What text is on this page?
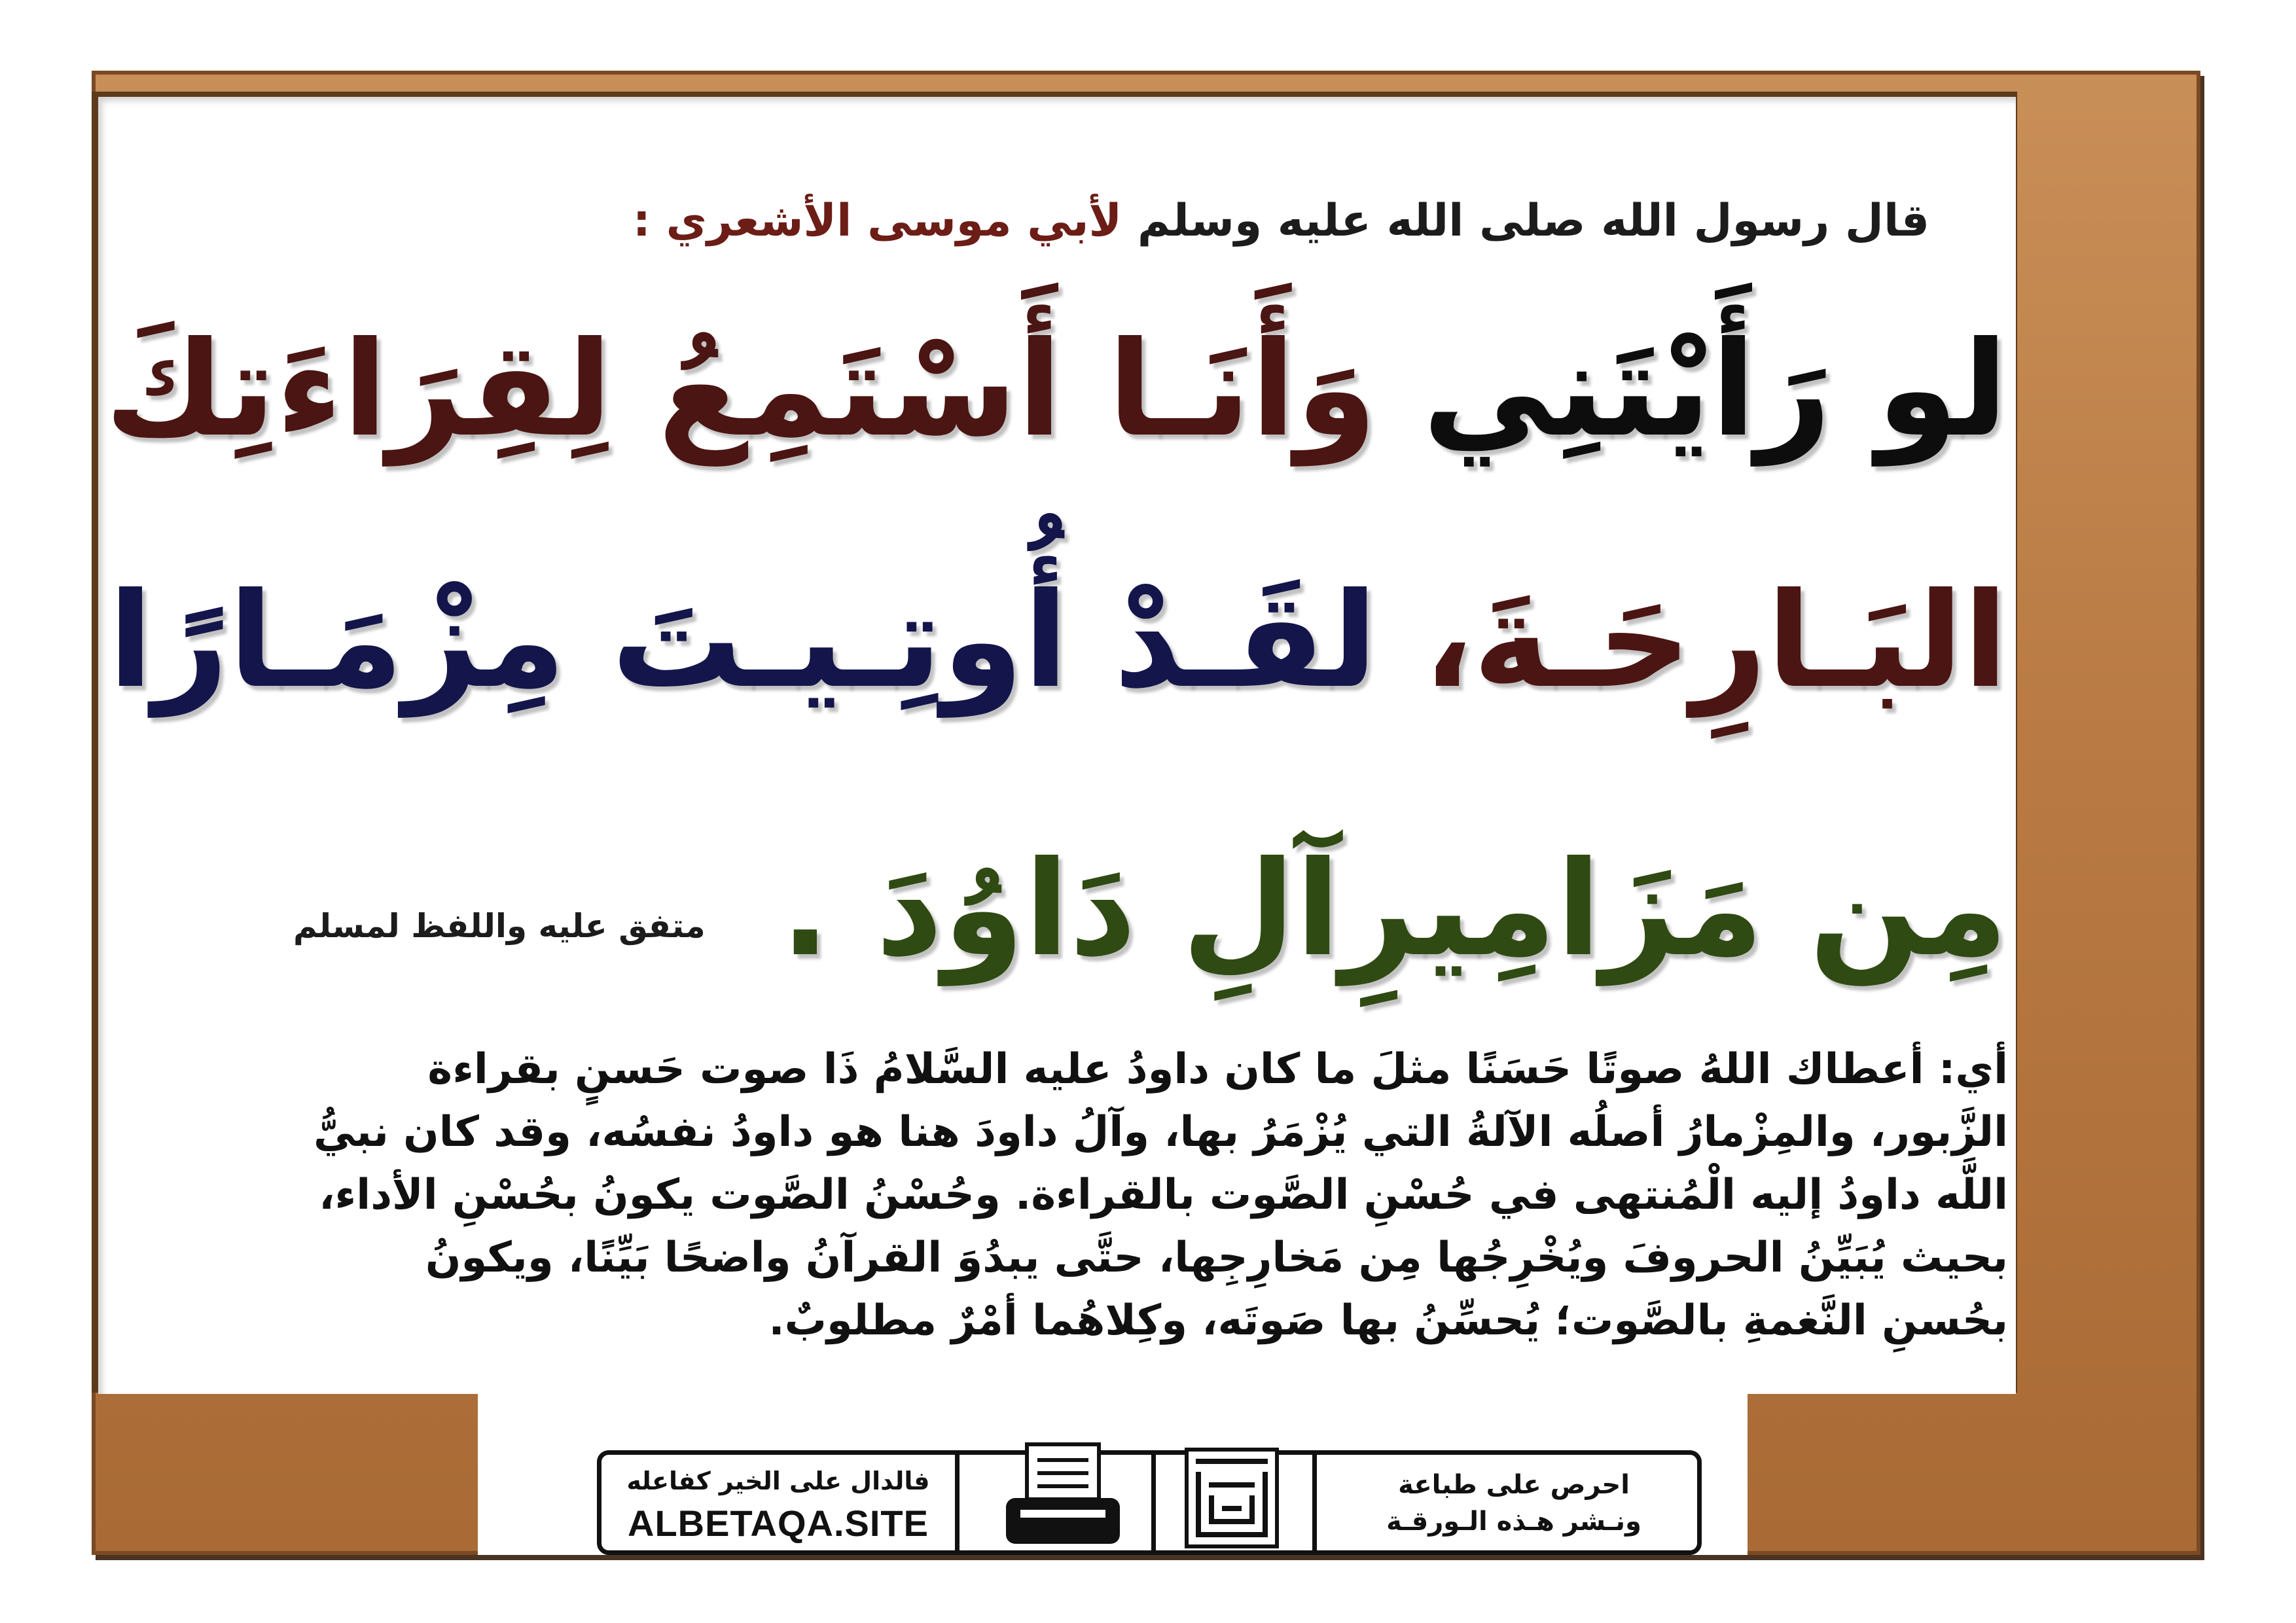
قال رسول الله صلى الله عليه وسلم لأبي موسى الأشعري :
لو رَأَيْتَنِي وَأَنَـا أَسْتَمِعُ لِقِرَاءَتِكَ
البَـارِحَـةَ، لقَـدْ أُوتِـيـتَ مِزْمَـارًا
مِن مَزَامِيرِآلِ دَاوُدَ .
متفق عليه واللفظ لمسلم
أي: أعطاك اللهُ صوتًا حَسَنًا مثلَ ما كان داودُ عليه السَّلامُ ذَا صوت حَسنٍ بقراءة الزَّبور، والمِزْمارُ أصلُه الآلةُ التي يُزْمَرُ بها، وآلُ داودَ هنا هو داودُ نفسُه، وقد كان نبيُّ اللَّه داودُ إليه الْمُنتهى في حُسْنِ الصَّوت بالقراءة. وحُسْنُ الصَّوت يكونُ بحُسْنِ الأداء، بحيث يُبَيِّنُ الحروفَ ويُخْرِجُها مِن مَخارِجِها، حتَّى يبدُوَ القرآنُ واضحًا بَيِّنًا، ويكونُ بحُسنِ النَّغمةِ بالصَّوت؛ يُحسِّنُ بها صَوتَه، وكِلاهُما أمْرٌ مطلوبٌ.
فالدال على الخير كفاعله
ALBETAQA.SITE
احرص على طباعة
ونـشر هـذه الـورقـة
